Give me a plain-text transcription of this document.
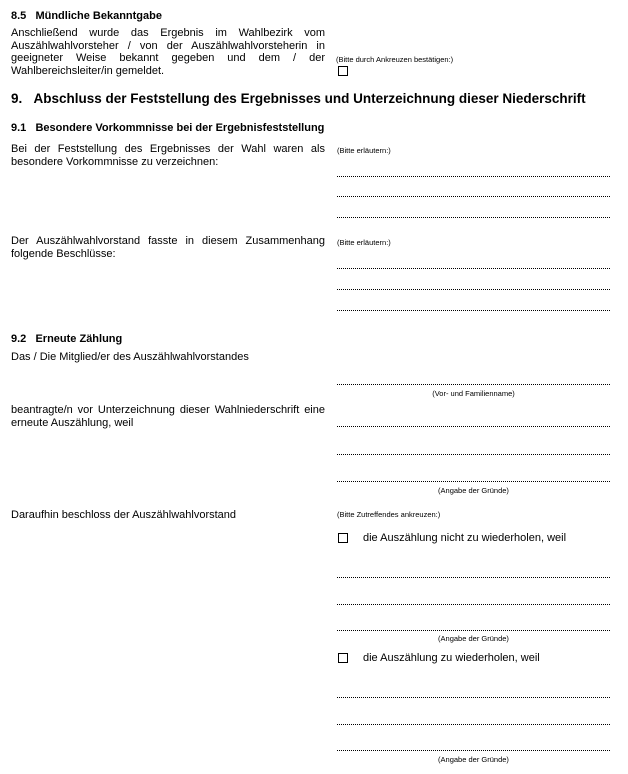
8.5   Mündliche Bekanntgabe
Anschließend wurde das Ergebnis im Wahlbezirk vom Auszählwahlvorsteher / von der Auszählwahlvorsteherin in geeigneter Weise bekannt gegeben und dem / der Wahlbereichsleiter/in gemeldet.
(Bitte durch Ankreuzen bestätigen:)
9.   Abschluss der Feststellung des Ergebnisses und Unterzeichnung dieser Niederschrift
9.1   Besondere Vorkommnisse bei der Ergebnisfeststellung
Bei der Feststellung des Ergebnisses der Wahl waren als besondere Vorkommnisse zu verzeichnen:
(Bitte erläutern:)
Der Auszählwahlvorstand fasste in diesem Zusammenhang folgende Beschlüsse:
(Bitte erläutern:)
9.2   Erneute Zählung
Das / Die Mitglied/er des Auszählwahlvorstandes
(Vor- und Familienname)
beantragte/n vor Unterzeichnung dieser Wahlniederschrift eine erneute Auszählung, weil
(Angabe der Gründe)
Daraufhin beschloss der Auszählwahlvorstand	(Bitte Zutreffendes ankreuzen:)
die Auszählung nicht zu wiederholen, weil
(Angabe der Gründe)
die Auszählung zu wiederholen, weil
(Angabe der Gründe)
